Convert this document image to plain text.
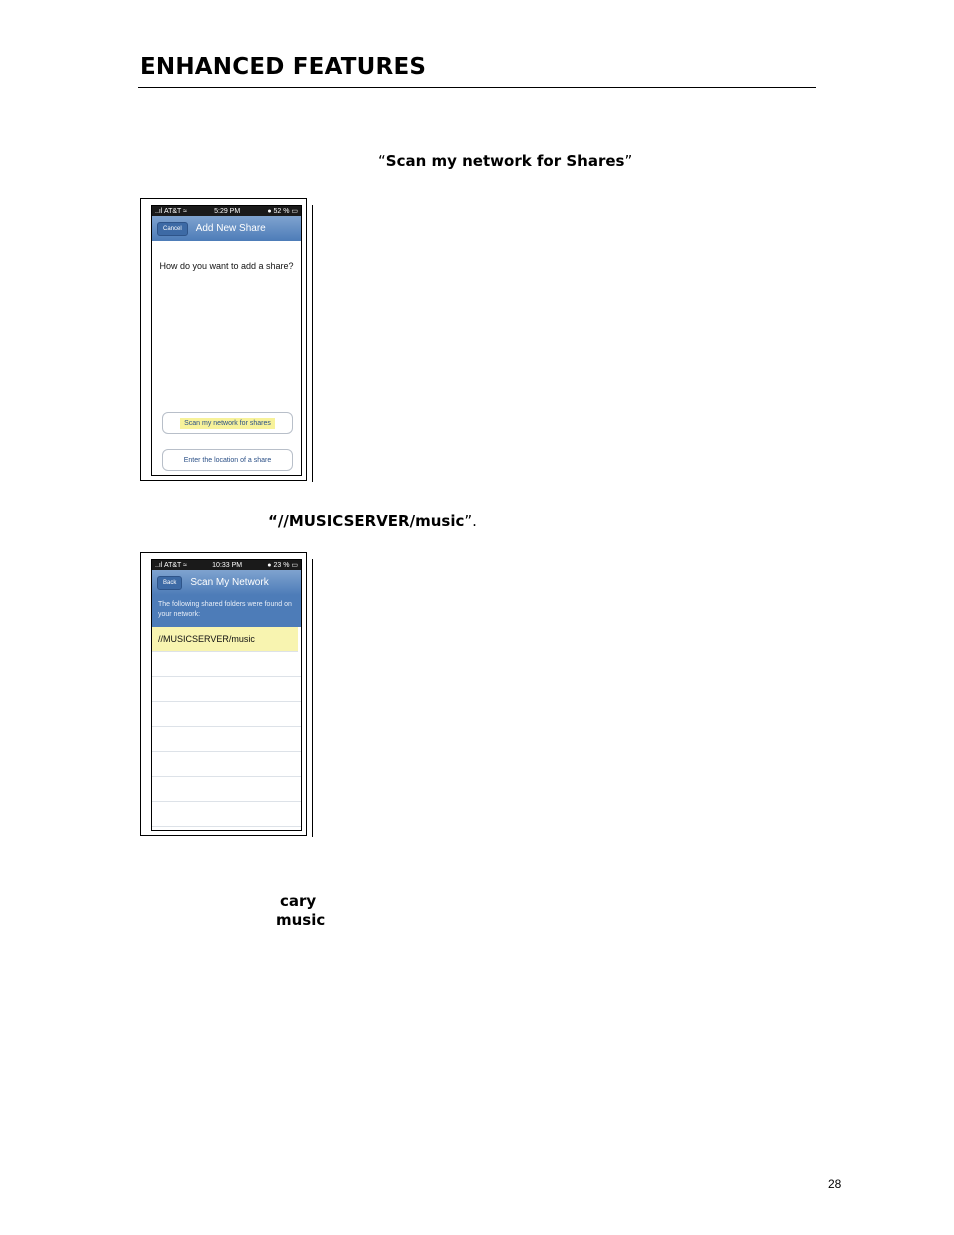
ENHANCED FEATURES
“Scan my network for Shares”
..ıl AT&T ≈	5:29 PM	● 52 % ▭
Cancel	Add New Share
How do you want to add a share?
Scan my network for shares
Enter the location of a share
“//MUSICSERVER/music”.
..ıl AT&T ≈	10:33 PM	● 23 % ▭
Back	Scan My Network
The following shared folders were found on your network:
//MUSICSERVER/music
cary
music
28
